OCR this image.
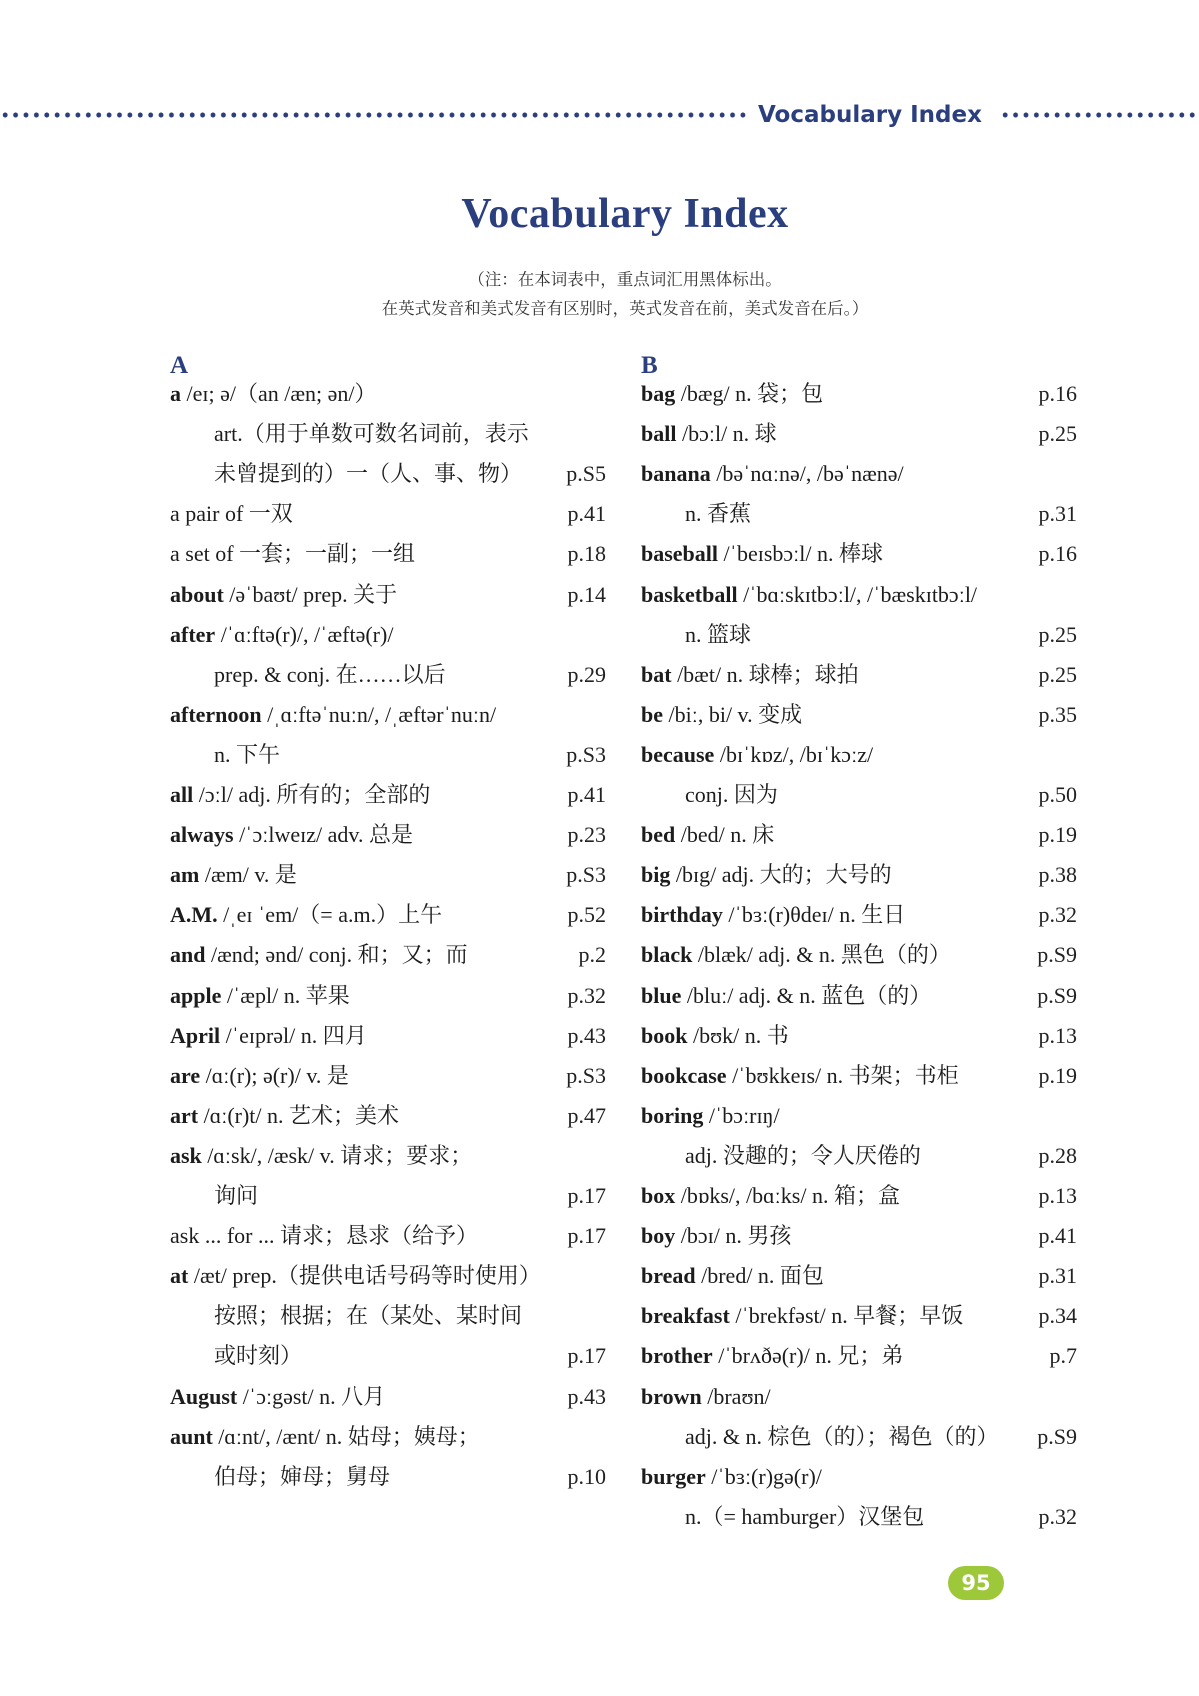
Vocabulary Index
Vocabulary Index
（注：在本词表中，重点词汇用黑体标出。
在英式发音和美式发音有区别时，英式发音在前，美式发音在后。）
A
a /eɪ; ə/（an /æn; ən/）
art.（用于单数可数名词前，表示
未曾提到的）一（人、事、物） p.S5
a pair of 一双	p.41
a set of 一套；一副；一组	p.18
about /əˈbaʊt/ prep. 关于	p.14
after /ˈɑːftə(r)/, /ˈæftə(r)/
prep. & conj. 在……以后	p.29
afternoon /ˌɑːftəˈnuːn/, /ˌæftərˈnuːn/
n. 下午	p.S3
all /ɔːl/ adj. 所有的；全部的	p.41
always /ˈɔːlweɪz/ adv. 总是	p.23
am /æm/ v. 是	p.S3
A.M. /ˌeɪ ˈem/（= a.m.）上午	p.52
and /ænd; ənd/ conj. 和；又；而	p.2
apple /ˈæpl/ n. 苹果	p.32
April /ˈeɪprəl/ n. 四月	p.43
are /ɑː(r); ə(r)/ v. 是	p.S3
art /ɑː(r)t/ n. 艺术；美术	p.47
ask /ɑːsk/, /æsk/ v. 请求；要求；
询问	p.17
ask ... for ... 请求；恳求（给予）	p.17
at /æt/ prep.（提供电话号码等时使用）
按照；根据；在（某处、某时间
或时刻）	p.17
August /ˈɔːgəst/ n. 八月	p.43
aunt /ɑːnt/, /ænt/ n. 姑母；姨母；
伯母；婶母；舅母	p.10
B
bag /bæg/ n. 袋；包	p.16
ball /bɔːl/ n. 球	p.25
banana /bəˈnɑːnə/, /bəˈnænə/
n. 香蕉	p.31
baseball /ˈbeɪsbɔːl/ n. 棒球	p.16
basketball /ˈbɑːskɪtbɔːl/, /ˈbæskɪtbɔːl/
n. 篮球	p.25
bat /bæt/ n. 球棒；球拍	p.25
be /biː, bi/ v. 变成	p.35
because /bɪˈkɒz/, /bɪˈkɔːz/
conj. 因为	p.50
bed /bed/ n. 床	p.19
big /bɪg/ adj. 大的；大号的	p.38
birthday /ˈbɜː(r)θdeɪ/ n. 生日	p.32
black /blæk/ adj. & n. 黑色（的）	p.S9
blue /bluː/ adj. & n. 蓝色（的）	p.S9
book /bʊk/ n. 书	p.13
bookcase /ˈbʊkkeɪs/ n. 书架；书柜	p.19
boring /ˈbɔːrɪŋ/
adj. 没趣的；令人厌倦的	p.28
box /bɒks/, /bɑːks/ n. 箱；盒	p.13
boy /bɔɪ/ n. 男孩	p.41
bread /bred/ n. 面包	p.31
breakfast /ˈbrekfəst/ n. 早餐；早饭	p.34
brother /ˈbrʌðə(r)/ n. 兄；弟	p.7
brown /braʊn/
adj. & n. 棕色（的）；褐色（的） p.S9
burger /ˈbɜː(r)gə(r)/
n.（= hamburger）汉堡包	p.32
95
